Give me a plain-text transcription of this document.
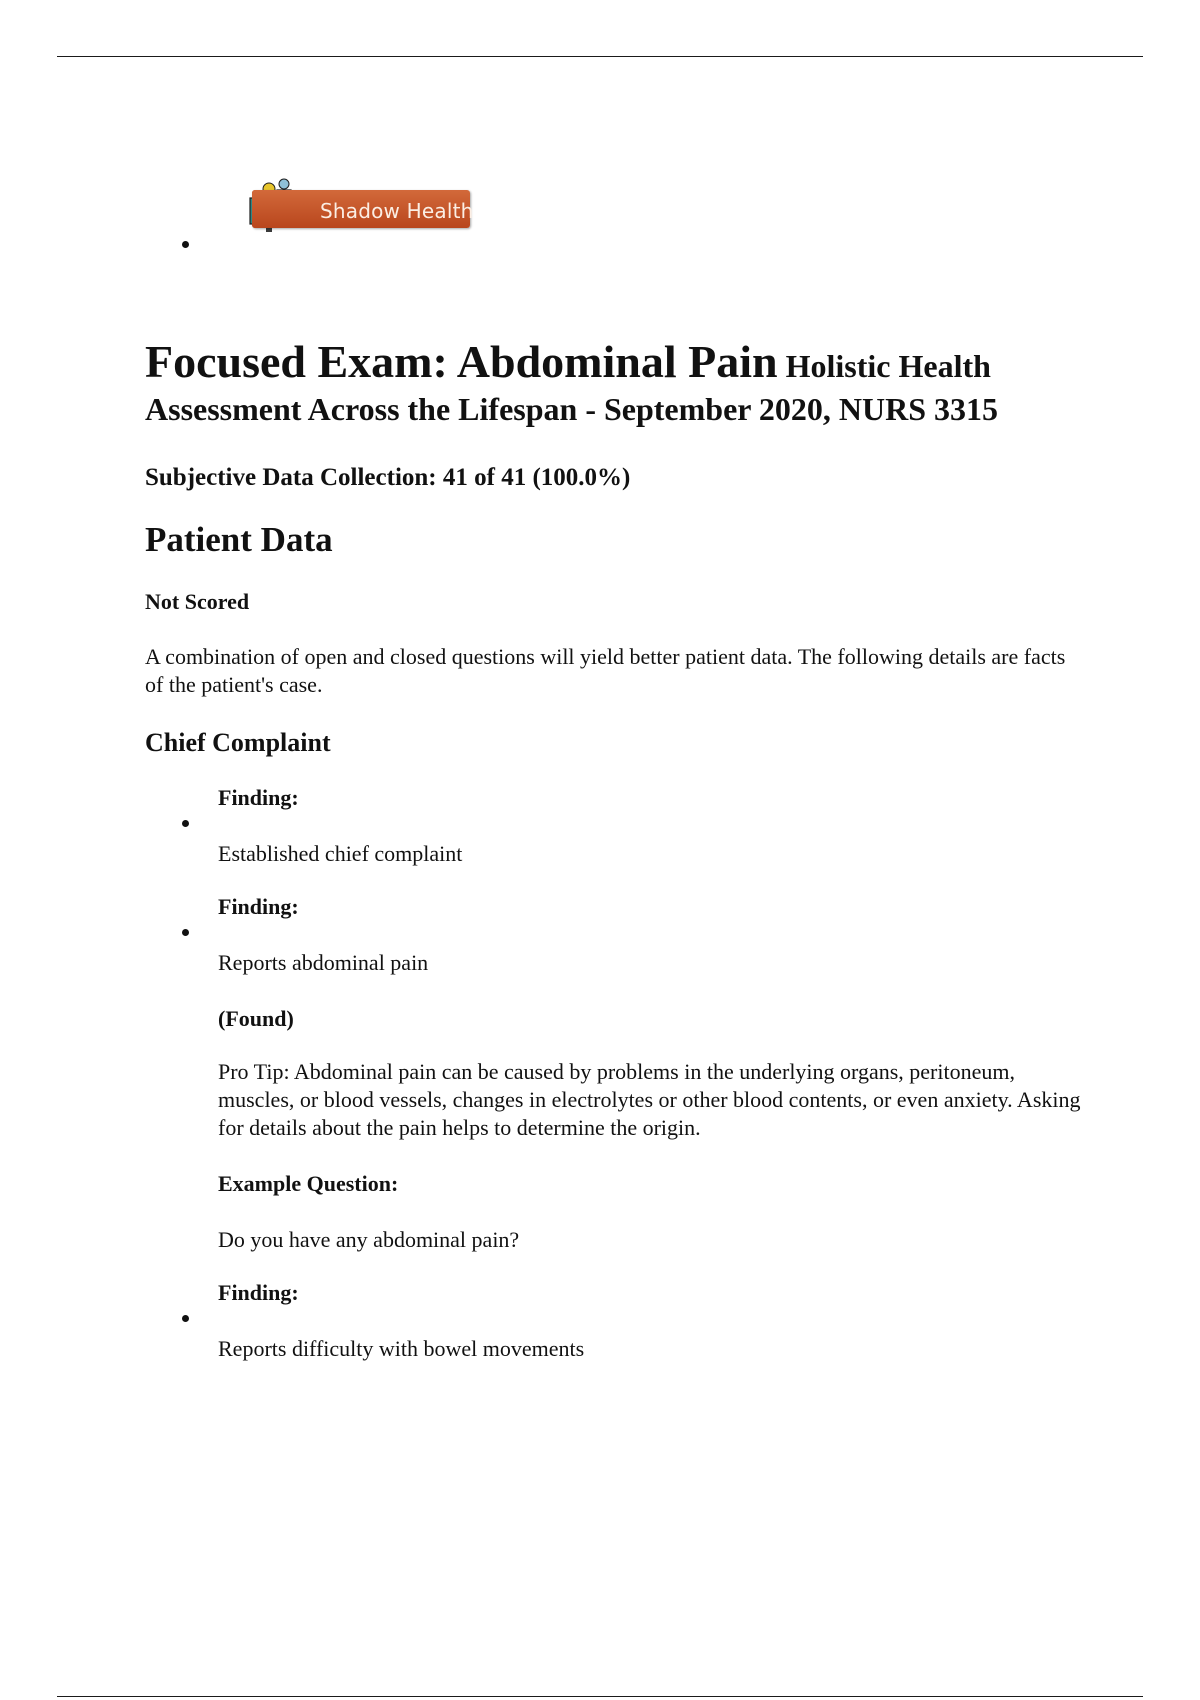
Shadow Health
Focused Exam: Abdominal Pain Holistic Health Assessment Across the Lifespan - September 2020, NURS 3315
Subjective Data Collection: 41 of 41 (100.0%)
Patient Data

Not Scored

A combination of open and closed questions will yield better patient data. The following details are facts of the patient's case.

Chief Complaint

Finding:

Established chief complaint

Finding:

Reports abdominal pain

(Found)

Pro Tip: Abdominal pain can be caused by problems in the underlying organs, peritoneum, muscles, or blood vessels, changes in electrolytes or other blood contents, or even anxiety. Asking for details about the pain helps to determine the origin.

Example Question:

Do you have any abdominal pain?

Finding:

Reports difficulty with bowel movements
